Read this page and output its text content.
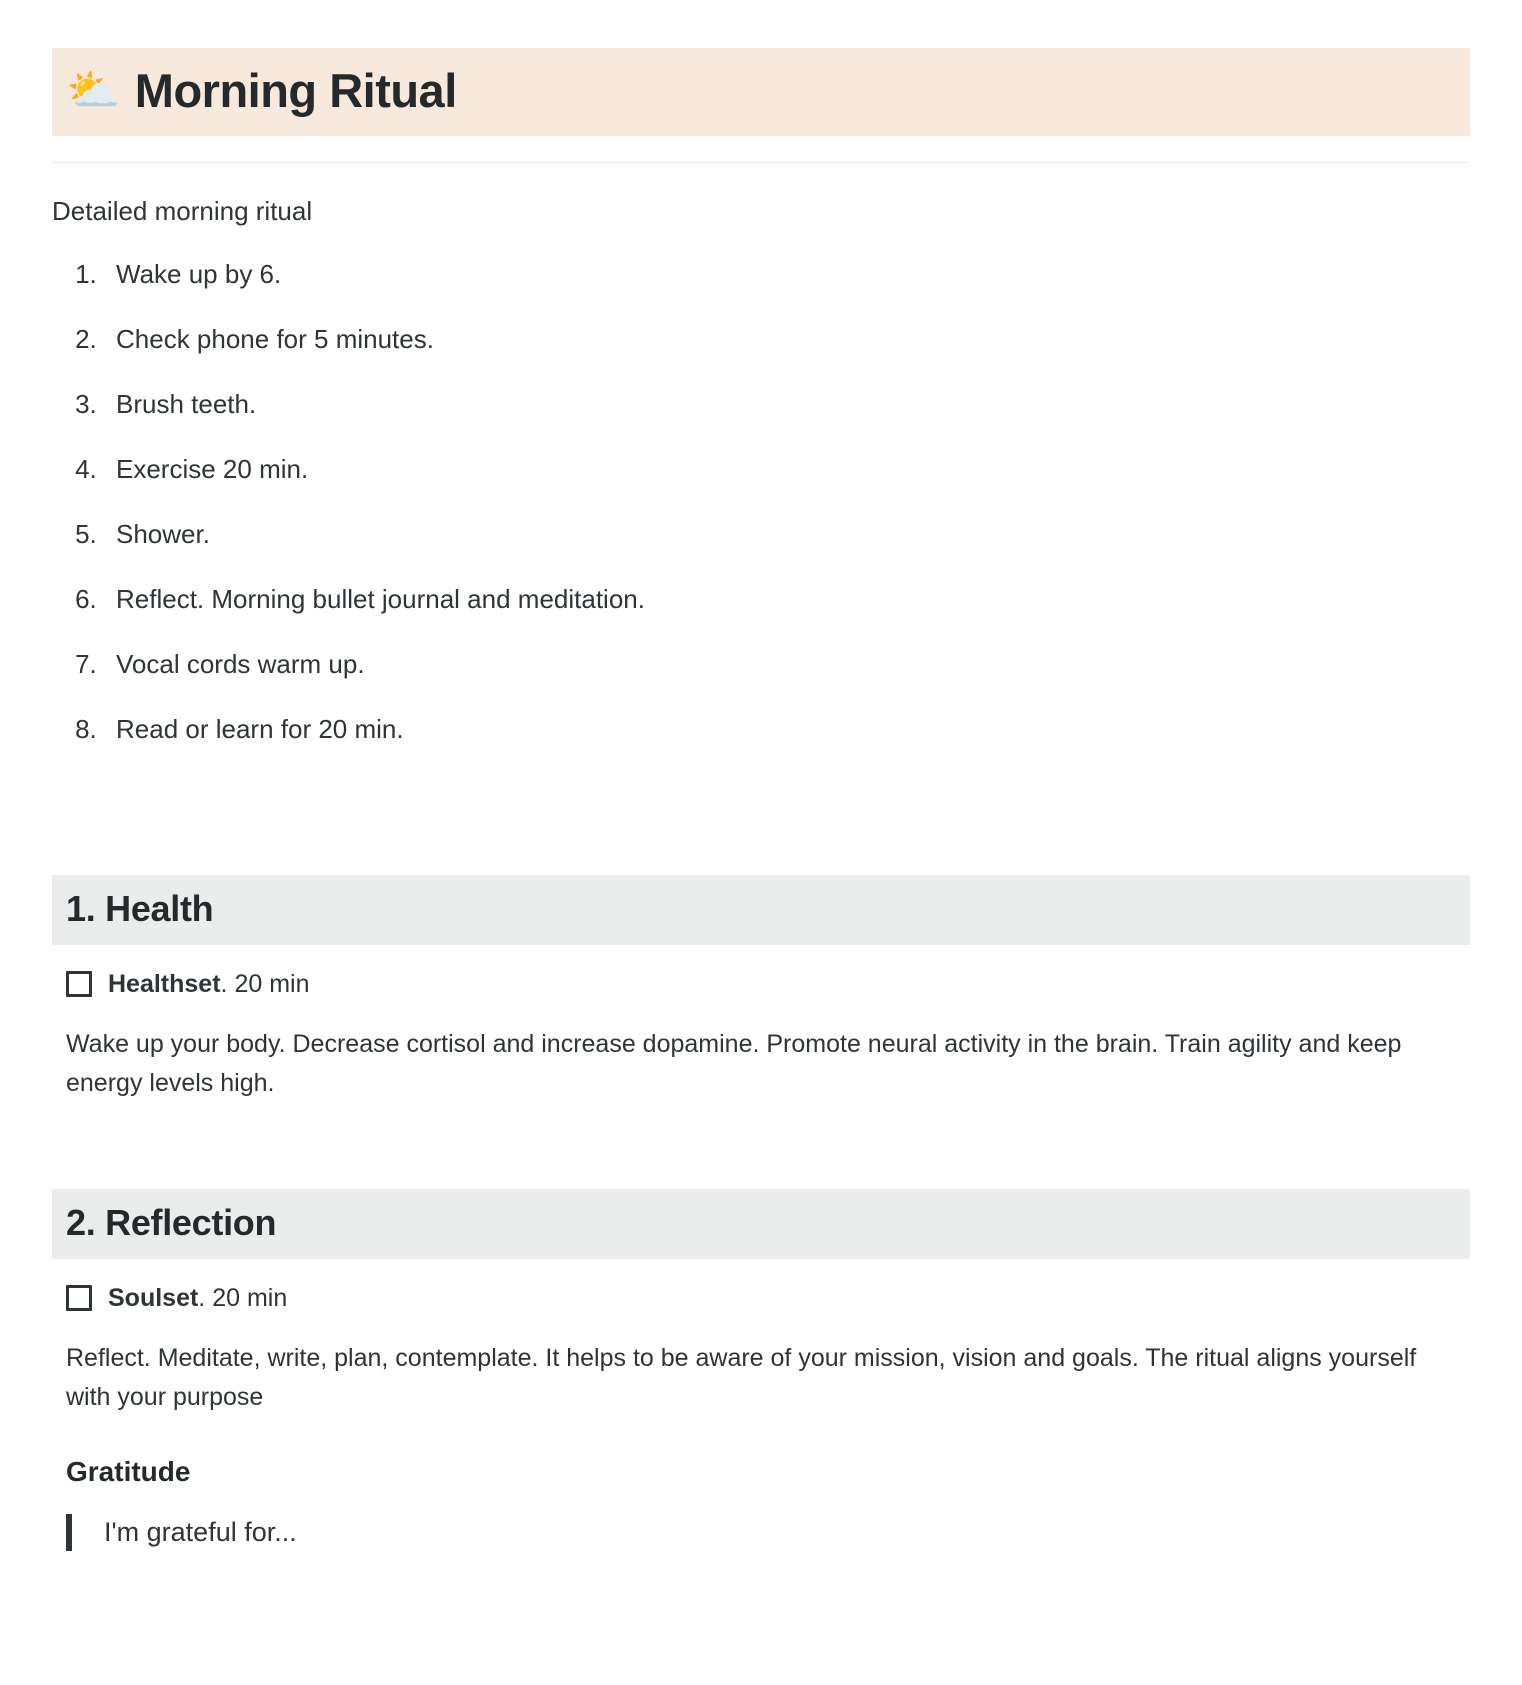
⛅ Morning Ritual

Detailed morning ritual

1. Wake up by 6.
2. Check phone for 5 minutes.
3. Brush teeth.
4. Exercise 20 min.
5. Shower.
6. Reflect. Morning bullet journal and meditation.
7. Vocal cords warm up.
8. Read or learn for 20 min.
1. Health
Healthset. 20 min

Wake up your body. Decrease cortisol and increase dopamine. Promote neural activity in the brain. Train agility and keep energy levels high.

2. Reflection
Soulset. 20 min

Reflect. Meditate, write, plan, contemplate. It helps to be aware of your mission, vision and goals. The ritual aligns yourself with your purpose

Gratitude

I'm grateful for...
